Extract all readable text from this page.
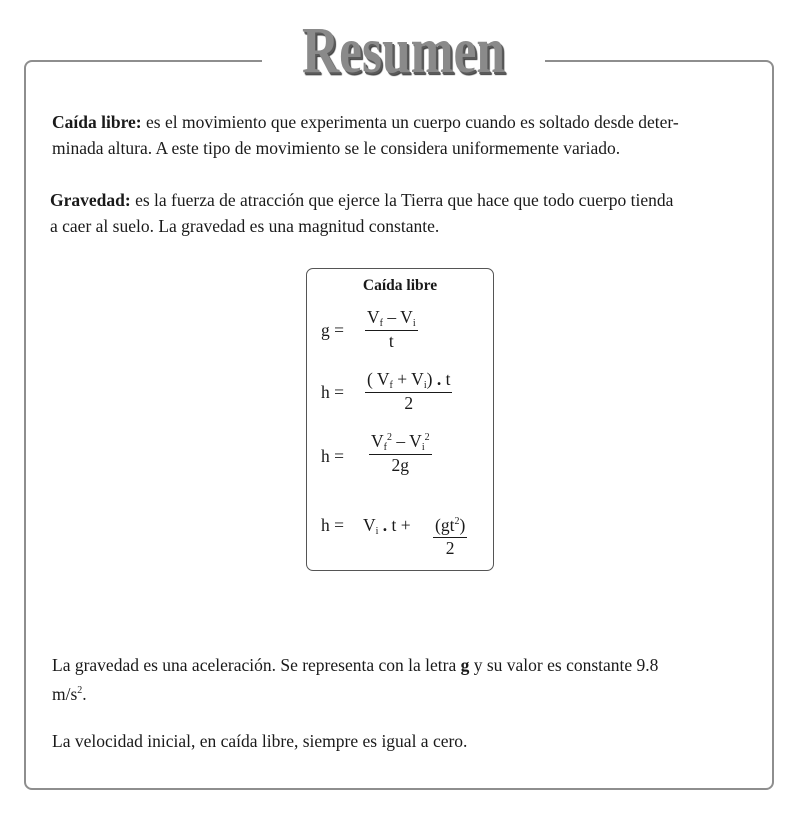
Resumen
Caída libre: es el movimiento que experimenta un cuerpo cuando es soltado desde deter-
minada altura. A este tipo de movimiento se le considera uniformemente variado.
Gravedad: es la fuerza de atracción que ejerce la Tierra que hace que todo cuerpo tienda
a caer al suelo. La gravedad es una magnitud constante.
Caída libre
$g = \frac{V_f - V_i}{t}$
$h = \frac{( V_f + V_i) . t}{2}$
$h = \frac{V_f^2 - V_i^2}{2g}$
$h = V_i$ . $t + \frac{(gt^2)}{2}$
La gravedad es una aceleración. Se representa con la letra g y su valor es constante 9.8
$m/s^2$.
La velocidad inicial, en caída libre, siempre es igual a cero.
